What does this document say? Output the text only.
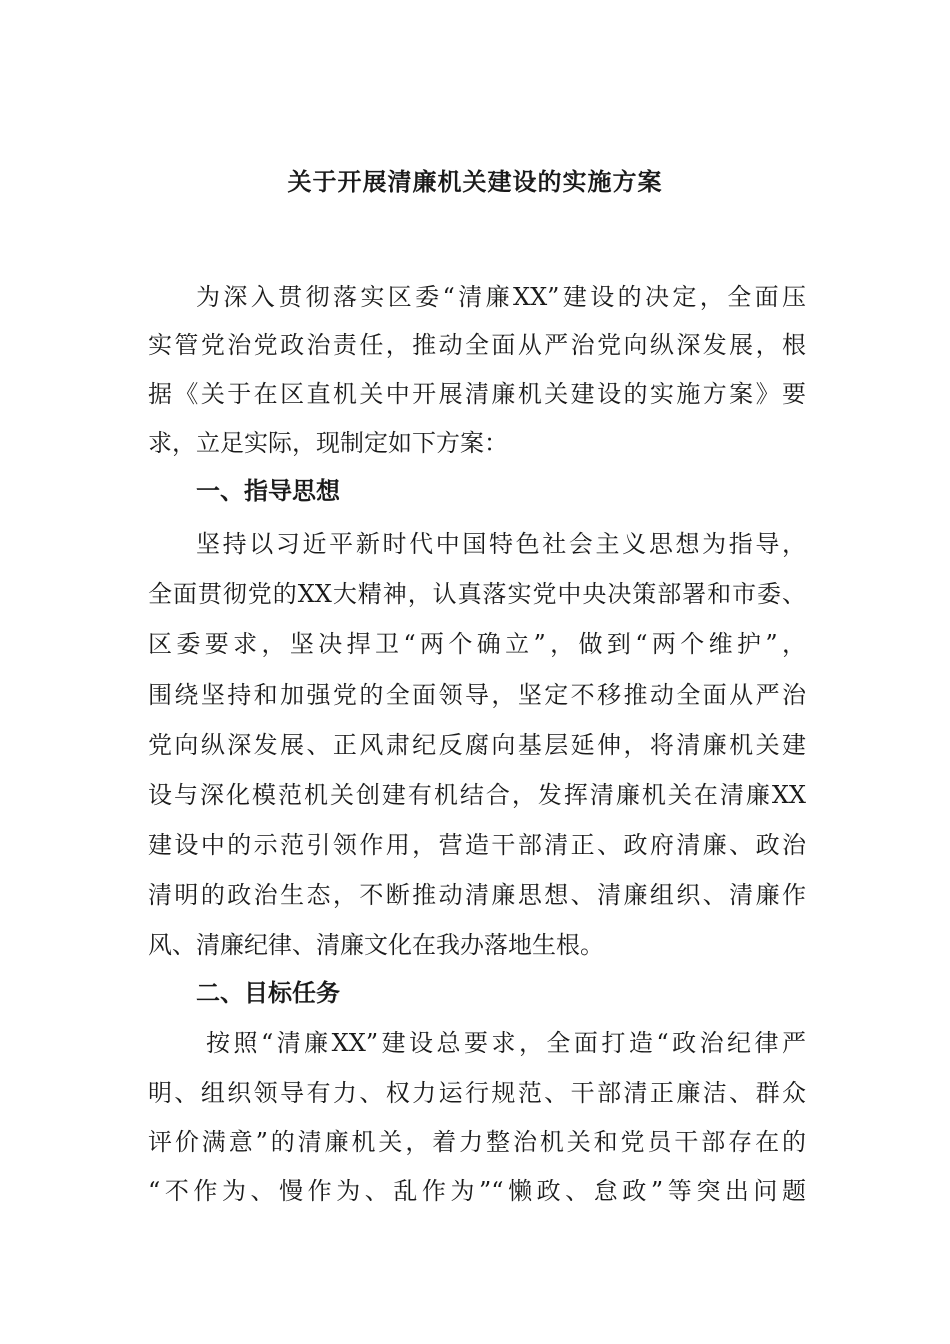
关于开展清廉机关建设的实施方案
为深入贯彻落实区委“清廉XX”建设的决定，全面压
实管党治党政治责任，推动全面从严治党向纵深发展，根
据《关于在区直机关中开展清廉机关建设的实施方案》要
求，立足实际，现制定如下方案：
一、指导思想
坚持以习近平新时代中国特色社会主义思想为指导，
全面贯彻党的XX大精神，认真落实党中央决策部署和市委、
区委要求，坚决捍卫“两个确立”，做到“两个维护”，
围绕坚持和加强党的全面领导，坚定不移推动全面从严治
党向纵深发展、正风肃纪反腐向基层延伸，将清廉机关建
设与深化模范机关创建有机结合，发挥清廉机关在清廉XX
建设中的示范引领作用，营造干部清正、政府清廉、政治
清明的政治生态，不断推动清廉思想、清廉组织、清廉作
风、清廉纪律、清廉文化在我办落地生根。
二、目标任务
按照“清廉XX”建设总要求，全面打造“政治纪律严
明、组织领导有力、权力运行规范、干部清正廉洁、群众
评价满意”的清廉机关，着力整治机关和党员干部存在的
“不作为、慢作为、乱作为”“懒政、怠政”等突出问题
